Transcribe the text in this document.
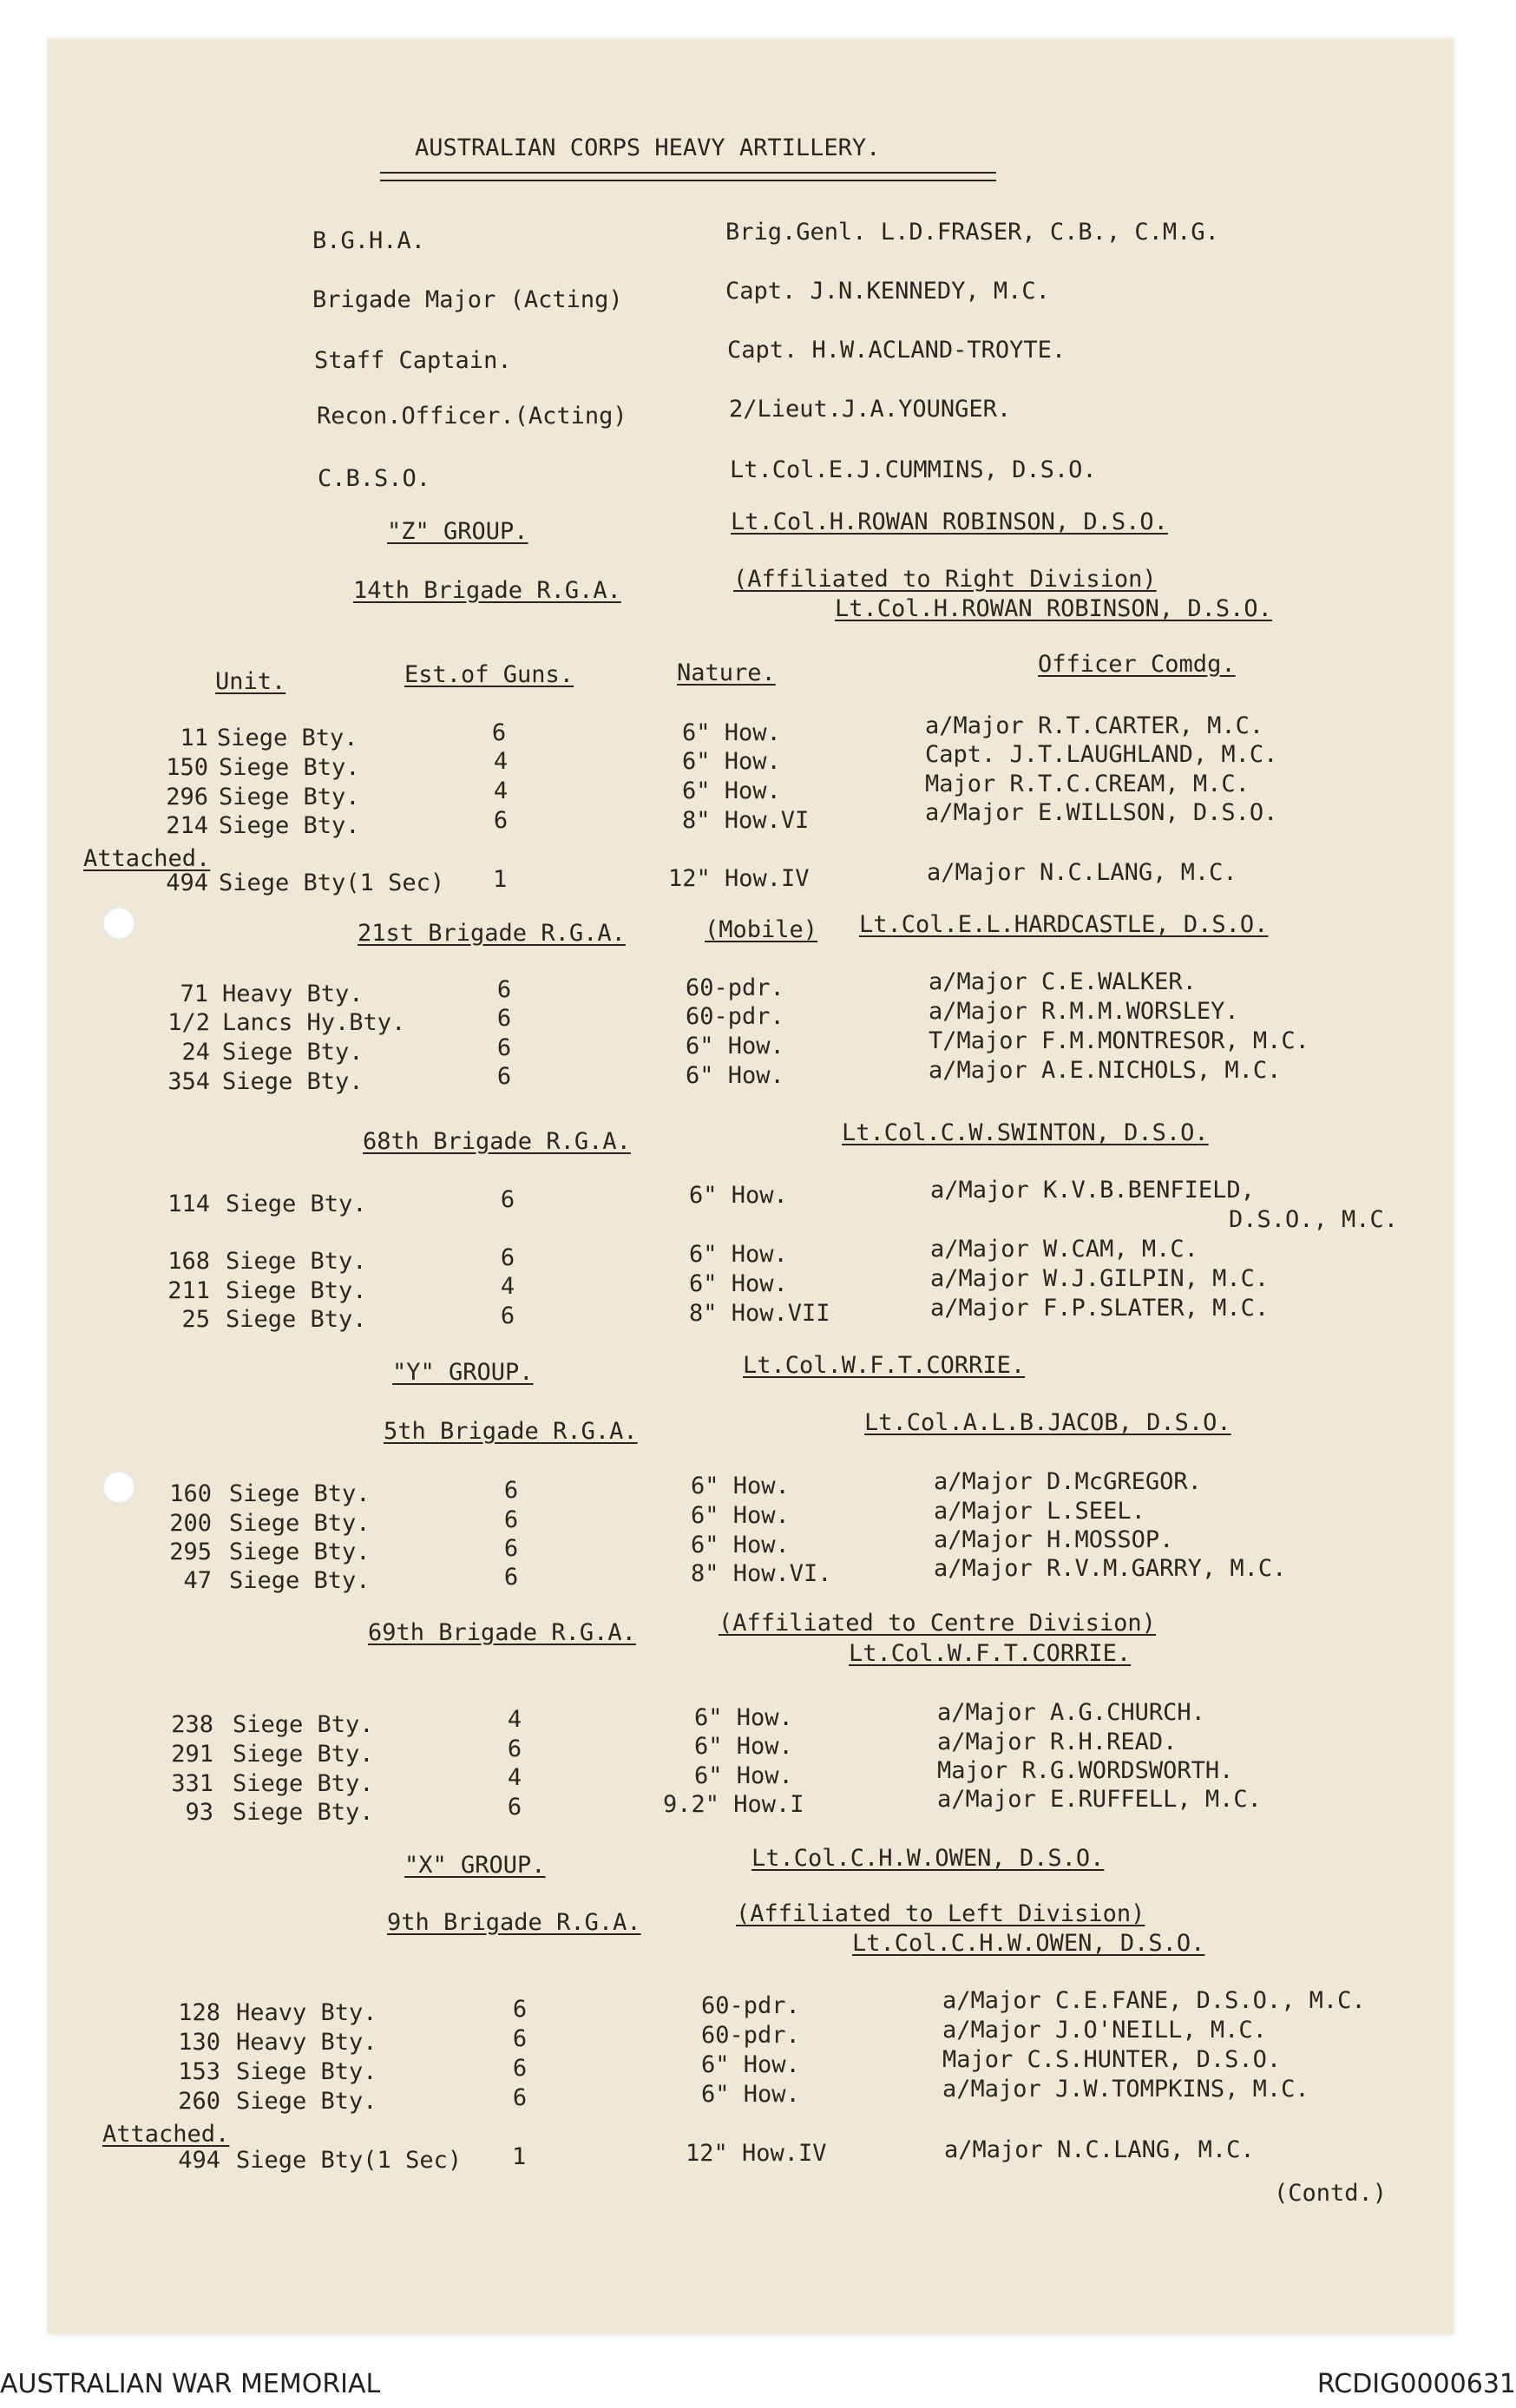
AUSTRALIAN CORPS HEAVY ARTILLERY.
B.G.H.A.	Brig.Genl. L.D.FRASER, C.B., C.M.G.
Brigade Major (Acting)	Capt. J.N.KENNEDY, M.C.
Staff Captain.	Capt. H.W.ACLAND-TROYTE.
Recon.Officer.(Acting)	2/Lieut.J.A.YOUNGER.
C.B.S.O.	Lt.Col.E.J.CUMMINS, D.S.O.
"Z" GROUP.	Lt.Col.H.ROWAN ROBINSON, D.S.O.
14th Brigade R.G.A.	(Affiliated to Right Division)
Lt.Col.H.ROWAN ROBINSON, D.S.O.
Unit.	Est.of Guns.	Nature.	Officer Comdg.
11 Siege Bty.	6	6" How.	a/Major R.T.CARTER, M.C.
150 Siege Bty.	4	6" How.	Capt. J.T.LAUGHLAND, M.C.
296 Siege Bty.	4	6" How.	Major R.T.C.CREAM, M.C.
214 Siege Bty.	6	8" How.VI	a/Major E.WILLSON, D.S.O.
Attached.
494 Siege Bty(1 Sec) 1	12" How.IV	a/Major N.C.LANG, M.C.
21st Brigade R.G.A.	(Mobile) Lt.Col.E.L.HARDCASTLE, D.S.O.
71 Heavy Bty.	6	60-pdr.	a/Major C.E.WALKER.
1/2 Lancs Hy.Bty.	6	60-pdr.	a/Major R.M.M.WORSLEY.
24 Siege Bty.	6	6" How.	T/Major F.M.MONTRESOR, M.C.
354 Siege Bty.	6	6" How.	a/Major A.E.NICHOLS, M.C.
68th Brigade R.G.A.	Lt.Col.C.W.SWINTON, D.S.O.
114 Siege Bty.	6	6" How.	a/Major K.V.B.BENFIELD,
D.S.O., M.C.
168 Siege Bty.	6	6" How.	a/Major W.CAM, M.C.
211 Siege Bty.	4	6" How.	a/Major W.J.GILPIN, M.C.
25 Siege Bty.	6	8" How.VII	a/Major F.P.SLATER, M.C.
"Y" GROUP.	Lt.Col.W.F.T.CORRIE.
5th Brigade R.G.A.	Lt.Col.A.L.B.JACOB, D.S.O.
160 Siege Bty.	6	6" How.	a/Major D.McGREGOR.
200 Siege Bty.	6	6" How.	a/Major L.SEEL.
295 Siege Bty.	6	6" How.	a/Major H.MOSSOP.
47 Siege Bty.	6	8" How.VI.	a/Major R.V.M.GARRY, M.C.
69th Brigade R.G.A.	(Affiliated to Centre Division)
Lt.Col.W.F.T.CORRIE.
238 Siege Bty.	4	6" How.	a/Major A.G.CHURCH.
291 Siege Bty.	6	6" How.	a/Major R.H.READ.
331 Siege Bty.	4	6" How.	Major R.G.WORDSWORTH.
93 Siege Bty.	6	9.2" How.I	a/Major E.RUFFELL, M.C.
"X" GROUP.	Lt.Col.C.H.W.OWEN, D.S.O.
9th Brigade R.G.A.	(Affiliated to Left Division)
Lt.Col.C.H.W.OWEN, D.S.O.
128 Heavy Bty.	6	60-pdr.	a/Major C.E.FANE, D.S.O., M.C.
130 Heavy Bty.	6	60-pdr.	a/Major J.O'NEILL, M.C.
153 Siege Bty.	6	6" How.	Major C.S.HUNTER, D.S.O.
260 Siege Bty.	6	6" How.	a/Major J.W.TOMPKINS, M.C.
Attached.
494 Siege Bty(1 Sec) 1	12" How.IV	a/Major N.C.LANG, M.C.
(Contd.)
AUSTRALIAN WAR MEMORIAL	RCDIG0000631
